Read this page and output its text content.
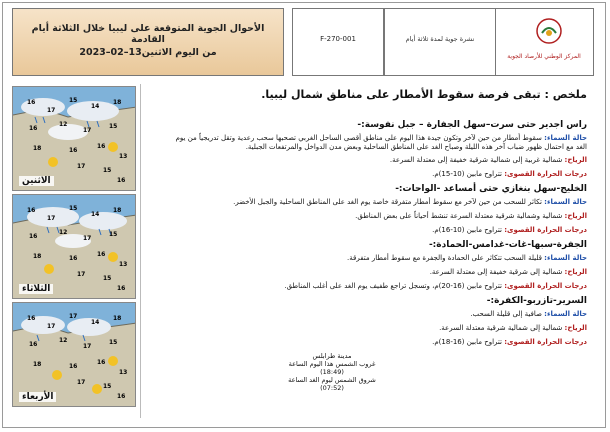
الأحوال الجوية المتوقعة على ليبيا خلال الثلاثة أيام القادمة
من اليوم الاثنين13–02–2023
F-270-001	نشرة جوية لمدة ثلاثة أيام
المركز الوطني للأرصاد الجوية
16
17
15
14
18
16
12
17
15
18	16
16
13
17
15
16
الاثنين
16
17
15
14
18
16
12
17
15
18	16
16
13
17
15
16
الثلاثاء
16
17
17
14
18
16
12
17
15
18	16
16
13
17
15
16
الأربعاء
ملخص : تبقى فرصة سقوط الأمطار على مناطق شمال ليبيا.
راس اجدير حتى سرت–سهل الجفارة – جبل نفوسة:-
حالة السماء: سقوط أمطار من حين لآخر وتكون جيدة هذا اليوم على مناطق أقصى الساحل الغربي تصحبها سحب رعدية وتقل تدريجياً من يوم
الغد مع احتمال ظهور ضباب آخر هذه الليلة وصباح الغد على المناطق الساحلية وبعض مدن الدواخل والمرتفعات الجبلية.
الرياح: شمالية غربية إلى شمالية شرقية خفيفة إلى معتدلة السرعة.
درجات الحرارة القصوى: تتراوح مابين (10-15)م.
الخليج-سهل بنغازي حتى أمساعد -الواحات:-
حالة السماء: تكاثر للسحب من حين لآخر مع سقوط أمطار متفرقة خاصة يوم الغد على المناطق الساحلية والجبل الأخضر.
الرياح: شمالية وشمالية شرقية معتدلة السرعة تنشط أحياناً على بعض المناطق.
درجات الحرارة القصوى: تتراوح مابين (10-16)م.
الجفرة-سبها-غات-غدامس-الحمادة:-
حالة السماء: قليلة السحب تتكاثر على الحمادة والجفرة مع سقوط أمطار متفرقة.
الرياح: شمالية إلى شرقية خفيفة إلى معتدلة السرعة.
درجات الحرارة القصوى: تتراوح مابين (16-20)م، وتسجل تراجع طفيف يوم الغد على أغلب المناطق.
السرير-تازربو-الكفرة:-
حالة السماء: صافية إلى قليلة السحب.
الرياح: شمالية إلى شمالية شرقية معتدلة السرعة.
درجات الحرارة القصوى: تتراوح مابين (16-18)م.
مدينة طرابلس
غروب الشمس هذا اليوم الساعة (18:49)
شروق الشمس ليوم الغد الساعة (07:52)
